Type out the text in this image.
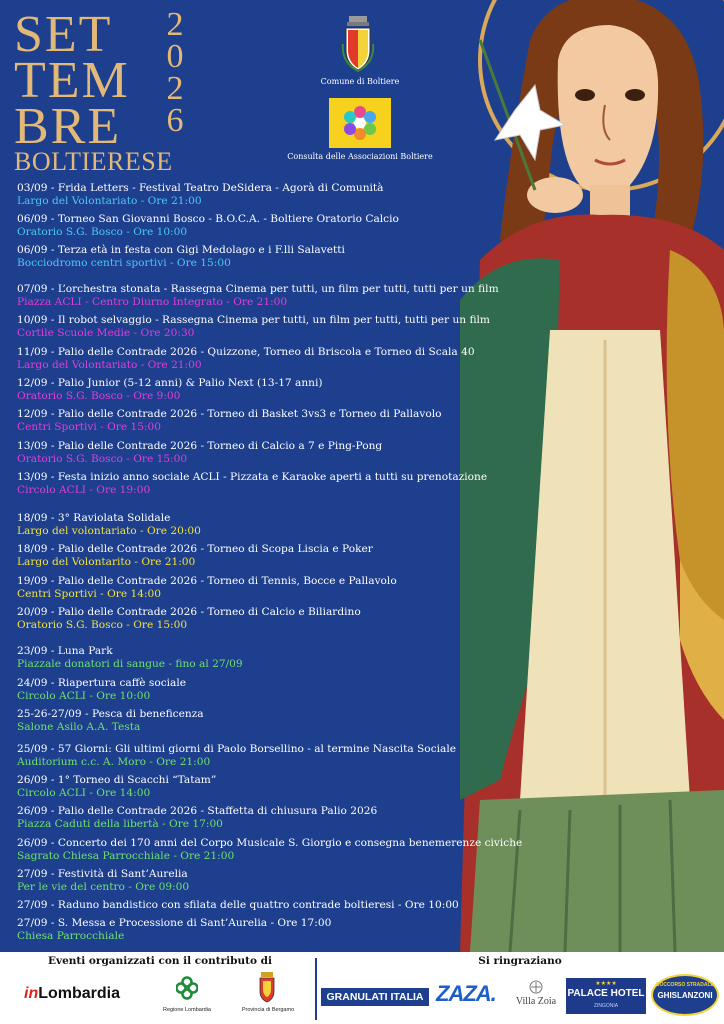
SET
TEM
BRE
2
0
2
6
BOLTIERESE
Comune di Boltiere
Consulta delle Associazioni Boltiere
03/09 - Frida Letters - Festival Teatro DeSidera - Agorà di Comunità
Largo del Volontariato - Ore 21:00
06/09 - Torneo San Giovanni Bosco - B.O.C.A. - Boltiere Oratorio Calcio
Oratorio S.G. Bosco - Ore 10:00
06/09 - Terza età in festa con Gigi Medolago e i F.lli Salavetti
Bocciodromo centri sportivi - Ore 15:00
07/09 - L’orchestra stonata - Rassegna Cinema per tutti, un film per tutti, tutti per un film
Piazza ACLI - Centro Diurno Integrato - Ore 21:00
10/09 - Il robot selvaggio - Rassegna Cinema per tutti, un film per tutti, tutti per un film
Cortile Scuole Medie - Ore 20:30
11/09 - Palio delle Contrade 2026 - Quizzone, Torneo di Briscola e Torneo di Scala 40
Largo del Volontariato - Ore 21:00
12/09 - Palio Junior (5-12 anni) & Palio Next (13-17 anni)
Oratorio S.G. Bosco - Ore 9:00
12/09 - Palio delle Contrade 2026 - Torneo di Basket 3vs3 e Torneo di Pallavolo
Centri Sportivi - Ore 15:00
13/09 - Palio delle Contrade 2026 - Torneo di Calcio a 7 e Ping-Pong
Oratorio S.G. Bosco - Ore 15:00
13/09 - Festa inizio anno sociale ACLI - Pizzata e Karaoke aperti a tutti su prenotazione
Circolo ACLI - Ore 19:00
18/09 - 3° Raviolata Solidale
Largo del volontariato - Ore 20:00
18/09 - Palio delle Contrade 2026 - Torneo di Scopa Liscia e Poker
Largo del Volontarito - Ore 21:00
19/09 - Palio delle Contrade 2026 - Torneo di Tennis, Bocce e Pallavolo
Centri Sportivi - Ore 14:00
20/09 - Palio delle Contrade 2026 - Torneo di Calcio e Biliardino
Oratorio S.G. Bosco - Ore 15:00
23/09 - Luna Park
Piazzale donatori di sangue - fino al 27/09
24/09 - Riapertura caffè sociale
Circolo ACLI - Ore 10:00
25-26-27/09 - Pesca di beneficenza
Salone Asilo A.A. Testa
25/09 - 57 Giorni: Gli ultimi giorni di Paolo Borsellino - al termine Nascita Sociale
Auditorium c.c. A. Moro - Ore 21:00
26/09 - 1° Torneo di Scacchi “Tatam”
Circolo ACLI - Ore 14:00
26/09 - Palio delle Contrade 2026 - Staffetta di chiusura Palio 2026
Piazza Caduti della libertà - Ore 17:00
26/09 - Concerto dei 170 anni del Corpo Musicale S. Giorgio e consegna benemerenze civiche
Sagrato Chiesa Parrocchiale - Ore 21:00
27/09 - Festività di Sant’Aurelia
Per le vie del centro - Ore 09:00
27/09 - Raduno bandistico con sfilata delle quattro contrade boltieresi - Ore 10:00
27/09 - S. Messa e Processione di Sant’Aurelia - Ore 17:00
Chiesa Parrocchiale
Eventi organizzati con il contributo di	Si ringraziano
inLombardia
Regione Lombardia	Provincia di Bergamo
GRANULATI ITALIA ZAZA.	Villa Zoia
★★★★
PALACE HOTEL
ZINGONIA
SOCCORSO STRADALE
GHISLANZONI
